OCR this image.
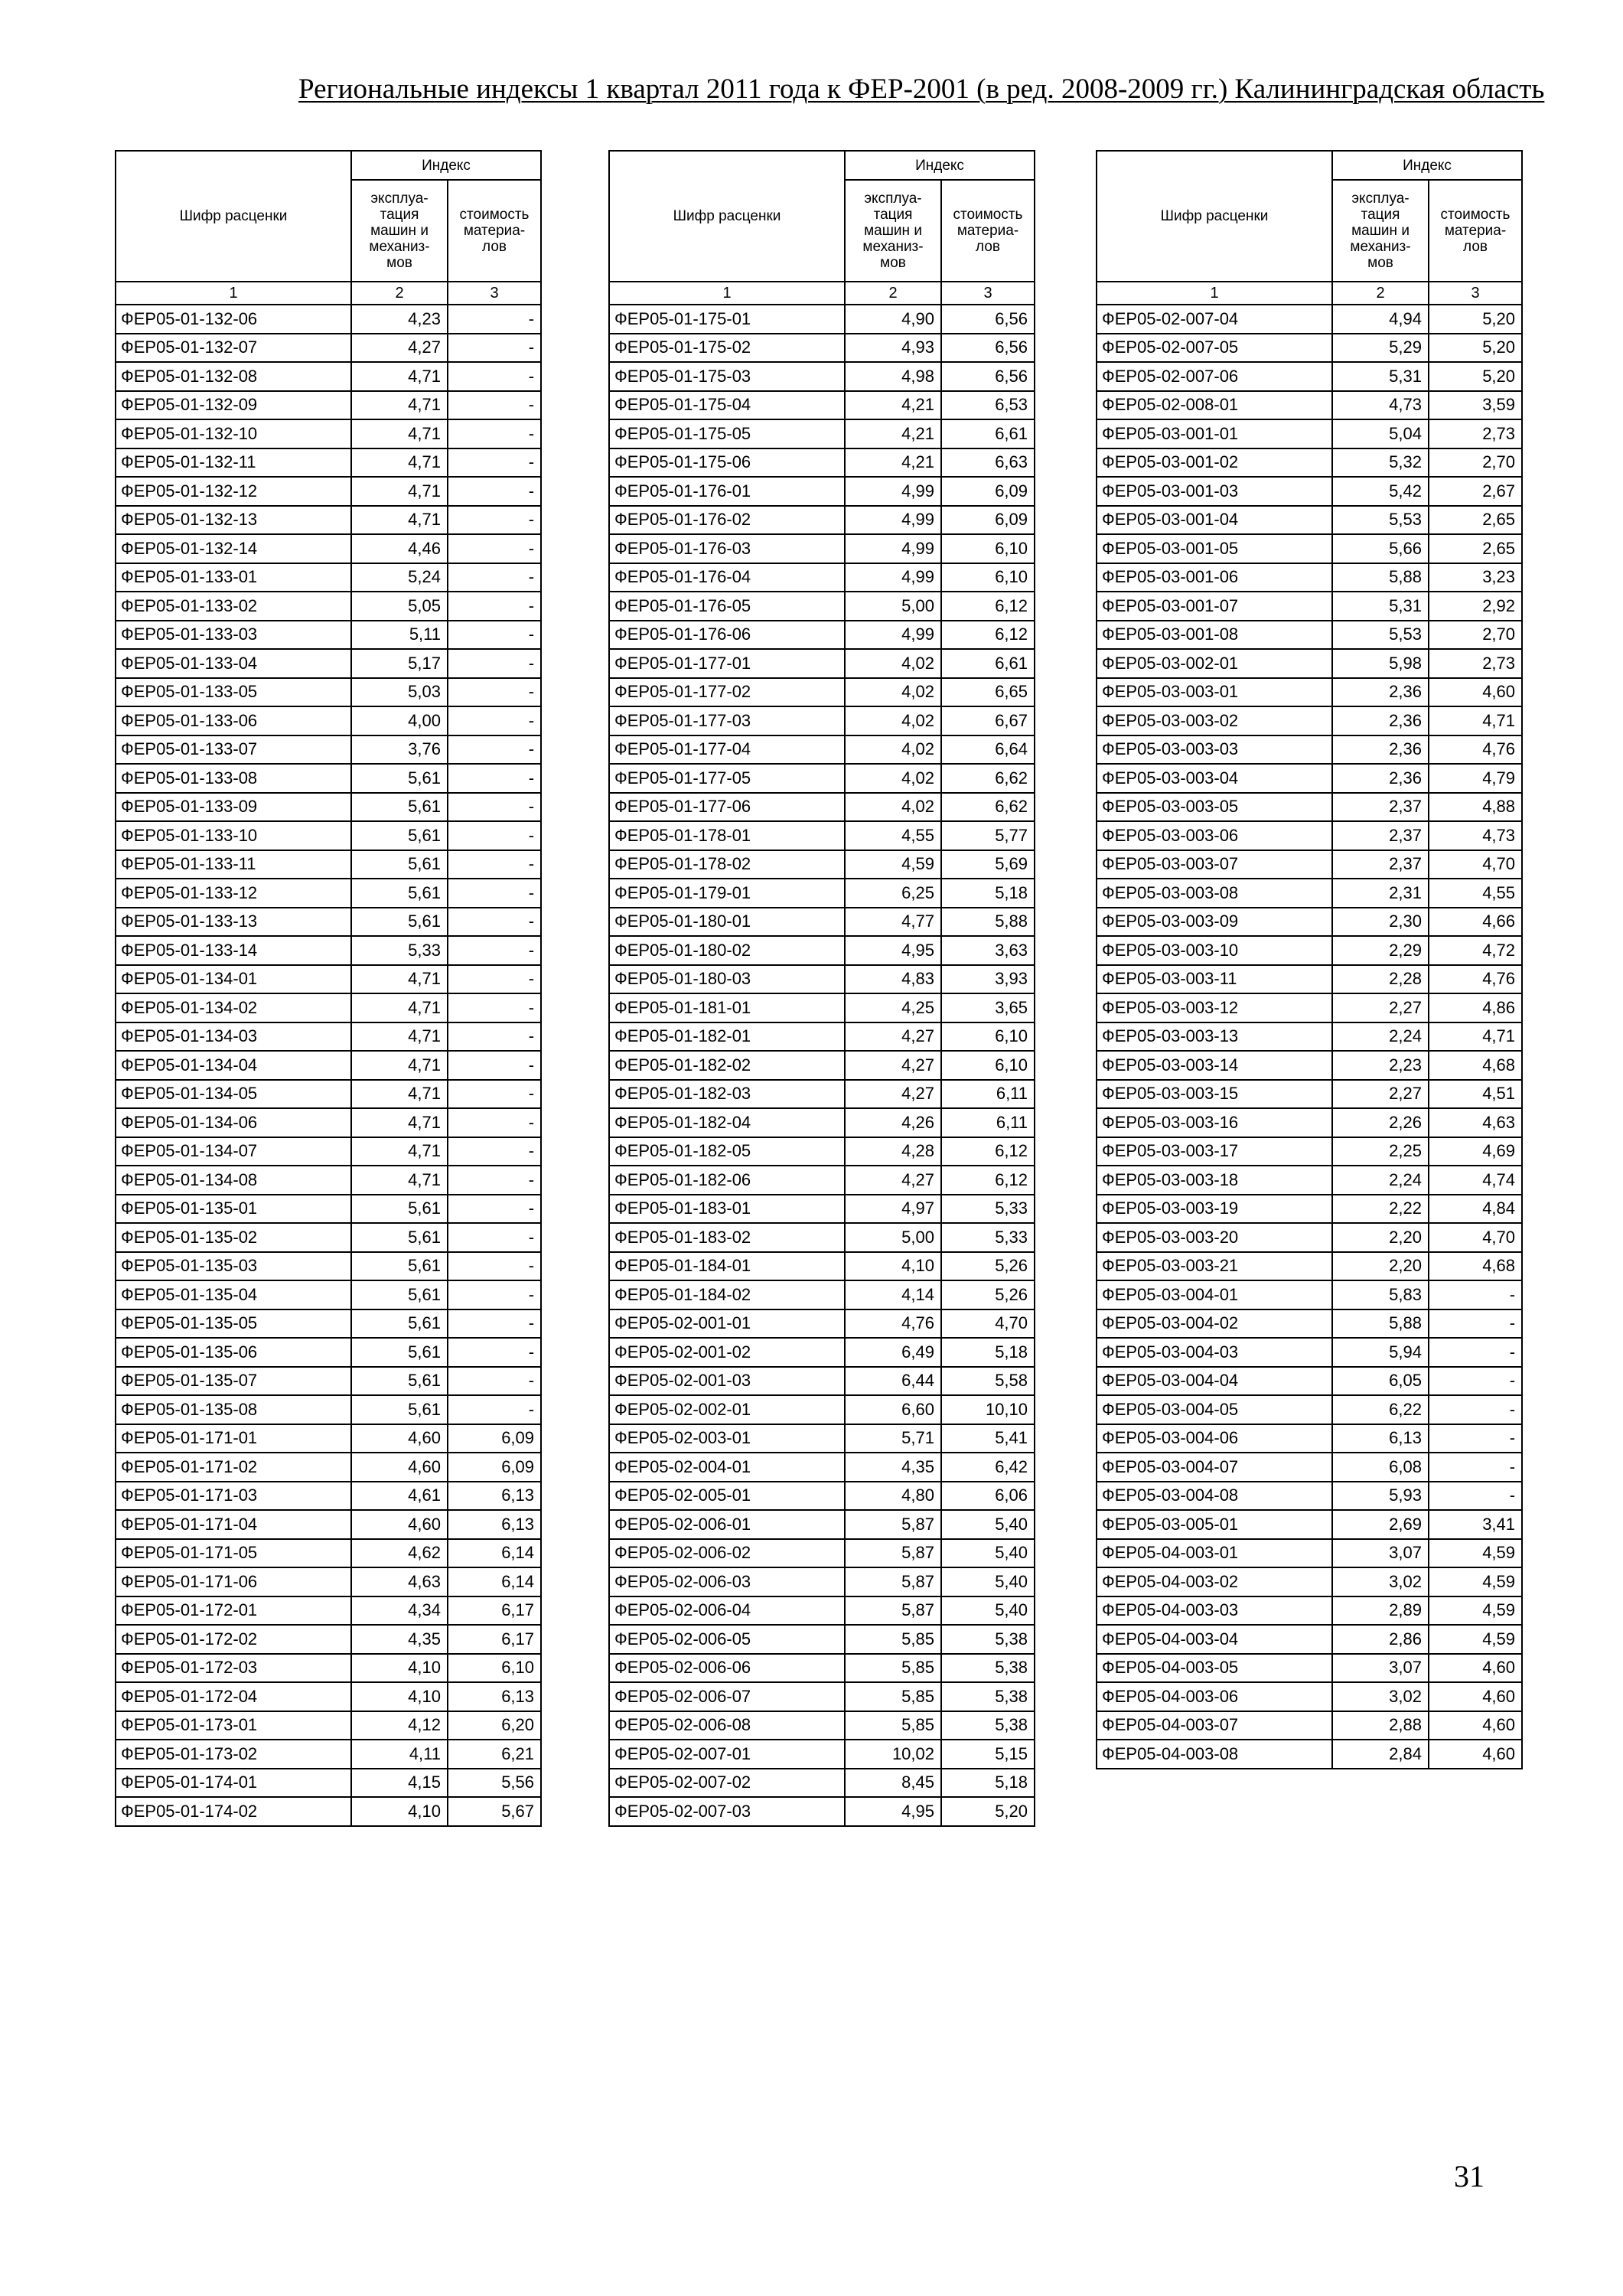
Региональные индексы 1 квартал 2011 года к ФЕР-2001 (в ред. 2008-2009 гг.) Калининградская область
Шифр расценки	Индекс	
	эксплуа-
тация
машин и
механиз-
мов	стоимость
материа-
лов
1	2	3
ФЕР05-01-132-06	4,23	-
ФЕР05-01-132-07	4,27	-
ФЕР05-01-132-08	4,71	-
ФЕР05-01-132-09	4,71	-
ФЕР05-01-132-10	4,71	-
ФЕР05-01-132-11	4,71	-
ФЕР05-01-132-12	4,71	-
ФЕР05-01-132-13	4,71	-
ФЕР05-01-132-14	4,46	-
ФЕР05-01-133-01	5,24	-
ФЕР05-01-133-02	5,05	-
ФЕР05-01-133-03	5,11	-
ФЕР05-01-133-04	5,17	-
ФЕР05-01-133-05	5,03	-
ФЕР05-01-133-06	4,00	-
ФЕР05-01-133-07	3,76	-
ФЕР05-01-133-08	5,61	-
ФЕР05-01-133-09	5,61	-
ФЕР05-01-133-10	5,61	-
ФЕР05-01-133-11	5,61	-
ФЕР05-01-133-12	5,61	-
ФЕР05-01-133-13	5,61	-
ФЕР05-01-133-14	5,33	-
ФЕР05-01-134-01	4,71	-
ФЕР05-01-134-02	4,71	-
ФЕР05-01-134-03	4,71	-
ФЕР05-01-134-04	4,71	-
ФЕР05-01-134-05	4,71	-
ФЕР05-01-134-06	4,71	-
ФЕР05-01-134-07	4,71	-
ФЕР05-01-134-08	4,71	-
ФЕР05-01-135-01	5,61	-
ФЕР05-01-135-02	5,61	-
ФЕР05-01-135-03	5,61	-
ФЕР05-01-135-04	5,61	-
ФЕР05-01-135-05	5,61	-
ФЕР05-01-135-06	5,61	-
ФЕР05-01-135-07	5,61	-
ФЕР05-01-135-08	5,61	-
ФЕР05-01-171-01	4,60	6,09
ФЕР05-01-171-02	4,60	6,09
ФЕР05-01-171-03	4,61	6,13
ФЕР05-01-171-04	4,60	6,13
ФЕР05-01-171-05	4,62	6,14
ФЕР05-01-171-06	4,63	6,14
ФЕР05-01-172-01	4,34	6,17
ФЕР05-01-172-02	4,35	6,17
ФЕР05-01-172-03	4,10	6,10
ФЕР05-01-172-04	4,10	6,13
ФЕР05-01-173-01	4,12	6,20
ФЕР05-01-173-02	4,11	6,21
ФЕР05-01-174-01	4,15	5,56
ФЕР05-01-174-02	4,10	5,67
Шифр расценки	Индекс	
	эксплуа-
тация
машин и
механиз-
мов	стоимость
материа-
лов
1	2	3
ФЕР05-01-175-01	4,90	6,56
ФЕР05-01-175-02	4,93	6,56
ФЕР05-01-175-03	4,98	6,56
ФЕР05-01-175-04	4,21	6,53
ФЕР05-01-175-05	4,21	6,61
ФЕР05-01-175-06	4,21	6,63
ФЕР05-01-176-01	4,99	6,09
ФЕР05-01-176-02	4,99	6,09
ФЕР05-01-176-03	4,99	6,10
ФЕР05-01-176-04	4,99	6,10
ФЕР05-01-176-05	5,00	6,12
ФЕР05-01-176-06	4,99	6,12
ФЕР05-01-177-01	4,02	6,61
ФЕР05-01-177-02	4,02	6,65
ФЕР05-01-177-03	4,02	6,67
ФЕР05-01-177-04	4,02	6,64
ФЕР05-01-177-05	4,02	6,62
ФЕР05-01-177-06	4,02	6,62
ФЕР05-01-178-01	4,55	5,77
ФЕР05-01-178-02	4,59	5,69
ФЕР05-01-179-01	6,25	5,18
ФЕР05-01-180-01	4,77	5,88
ФЕР05-01-180-02	4,95	3,63
ФЕР05-01-180-03	4,83	3,93
ФЕР05-01-181-01	4,25	3,65
ФЕР05-01-182-01	4,27	6,10
ФЕР05-01-182-02	4,27	6,10
ФЕР05-01-182-03	4,27	6,11
ФЕР05-01-182-04	4,26	6,11
ФЕР05-01-182-05	4,28	6,12
ФЕР05-01-182-06	4,27	6,12
ФЕР05-01-183-01	4,97	5,33
ФЕР05-01-183-02	5,00	5,33
ФЕР05-01-184-01	4,10	5,26
ФЕР05-01-184-02	4,14	5,26
ФЕР05-02-001-01	4,76	4,70
ФЕР05-02-001-02	6,49	5,18
ФЕР05-02-001-03	6,44	5,58
ФЕР05-02-002-01	6,60	10,10
ФЕР05-02-003-01	5,71	5,41
ФЕР05-02-004-01	4,35	6,42
ФЕР05-02-005-01	4,80	6,06
ФЕР05-02-006-01	5,87	5,40
ФЕР05-02-006-02	5,87	5,40
ФЕР05-02-006-03	5,87	5,40
ФЕР05-02-006-04	5,87	5,40
ФЕР05-02-006-05	5,85	5,38
ФЕР05-02-006-06	5,85	5,38
ФЕР05-02-006-07	5,85	5,38
ФЕР05-02-006-08	5,85	5,38
ФЕР05-02-007-01	10,02	5,15
ФЕР05-02-007-02	8,45	5,18
ФЕР05-02-007-03	4,95	5,20
Шифр расценки	Индекс	
	эксплуа-
тация
машин и
механиз-
мов	стоимость
материа-
лов
1	2	3
ФЕР05-02-007-04	4,94	5,20
ФЕР05-02-007-05	5,29	5,20
ФЕР05-02-007-06	5,31	5,20
ФЕР05-02-008-01	4,73	3,59
ФЕР05-03-001-01	5,04	2,73
ФЕР05-03-001-02	5,32	2,70
ФЕР05-03-001-03	5,42	2,67
ФЕР05-03-001-04	5,53	2,65
ФЕР05-03-001-05	5,66	2,65
ФЕР05-03-001-06	5,88	3,23
ФЕР05-03-001-07	5,31	2,92
ФЕР05-03-001-08	5,53	2,70
ФЕР05-03-002-01	5,98	2,73
ФЕР05-03-003-01	2,36	4,60
ФЕР05-03-003-02	2,36	4,71
ФЕР05-03-003-03	2,36	4,76
ФЕР05-03-003-04	2,36	4,79
ФЕР05-03-003-05	2,37	4,88
ФЕР05-03-003-06	2,37	4,73
ФЕР05-03-003-07	2,37	4,70
ФЕР05-03-003-08	2,31	4,55
ФЕР05-03-003-09	2,30	4,66
ФЕР05-03-003-10	2,29	4,72
ФЕР05-03-003-11	2,28	4,76
ФЕР05-03-003-12	2,27	4,86
ФЕР05-03-003-13	2,24	4,71
ФЕР05-03-003-14	2,23	4,68
ФЕР05-03-003-15	2,27	4,51
ФЕР05-03-003-16	2,26	4,63
ФЕР05-03-003-17	2,25	4,69
ФЕР05-03-003-18	2,24	4,74
ФЕР05-03-003-19	2,22	4,84
ФЕР05-03-003-20	2,20	4,70
ФЕР05-03-003-21	2,20	4,68
ФЕР05-03-004-01	5,83	-
ФЕР05-03-004-02	5,88	-
ФЕР05-03-004-03	5,94	-
ФЕР05-03-004-04	6,05	-
ФЕР05-03-004-05	6,22	-
ФЕР05-03-004-06	6,13	-
ФЕР05-03-004-07	6,08	-
ФЕР05-03-004-08	5,93	-
ФЕР05-03-005-01	2,69	3,41
ФЕР05-04-003-01	3,07	4,59
ФЕР05-04-003-02	3,02	4,59
ФЕР05-04-003-03	2,89	4,59
ФЕР05-04-003-04	2,86	4,59
ФЕР05-04-003-05	3,07	4,60
ФЕР05-04-003-06	3,02	4,60
ФЕР05-04-003-07	2,88	4,60
ФЕР05-04-003-08	2,84	4,60
31
